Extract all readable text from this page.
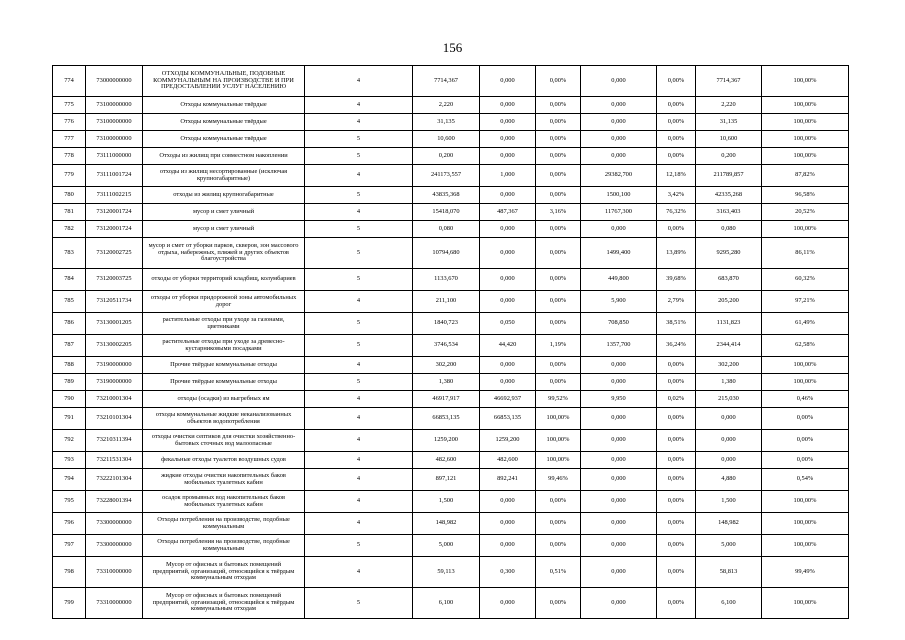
156
774	73000000000	ОТХОДЫ КОММУНАЛЬНЫЕ, ПОДОБНЫЕ КОММУНАЛЬНЫМ НА ПРОИЗВОДСТВЕ И ПРИ ПРЕДОСТАВЛЕНИИ УСЛУГ НАСЕЛЕНИЮ	4	7714,367	0,000	0,00%	0,000	0,00%	7714,367	100,00%
775	73100000000	Отходы коммунальные твёрдые	4	2,220	0,000	0,00%	0,000	0,00%	2,220	100,00%
776	73100000000	Отходы коммунальные твёрдые	4	31,135	0,000	0,00%	0,000	0,00%	31,135	100,00%
777	73100000000	Отходы коммунальные твёрдые	5	10,600	0,000	0,00%	0,000	0,00%	10,600	100,00%
778	73111000000	Отходы из жилищ при совместном накоплении	5	0,200	0,000	0,00%	0,000	0,00%	0,200	100,00%
779	73111001724	отходы из жилищ несортированные (исключая крупногабаритные)	4	241173,557	1,000	0,00%	29382,700	12,18%	211789,857	87,82%
780	73111002215	отходы из жилищ крупногабаритные	5	43835,368	0,000	0,00%	1500,100	3,42%	42335,268	96,58%
781	73120001724	мусор и смет уличный	4	15418,070	487,367	3,16%	11767,300	76,32%	3163,403	20,52%
782	73120001724	мусор и смет уличный	5	0,080	0,000	0,00%	0,000	0,00%	0,080	100,00%
783	73120002725	мусор и смет от уборки парков, скверов, зон массового отдыха, набережных, пляжей и других объектов благоустройства	5	10794,680	0,000	0,00%	1499,400	13,89%	9295,280	86,11%
784	73120003725	отходы от уборки территорий кладбищ, колумбариев	5	1133,670	0,000	0,00%	449,800	39,68%	683,870	60,32%
785	73120511734	отходы от уборки придорожной зоны автомобильных дорог	4	211,100	0,000	0,00%	5,900	2,79%	205,200	97,21%
786	73130001205	растительные отходы при уходе за газонами, цветниками	5	1840,723	0,050	0,00%	708,850	38,51%	1131,823	61,49%
787	73130002205	растительные отходы при уходе за древесно-кустарниковыми посадками	5	3746,534	44,420	1,19%	1357,700	36,24%	2344,414	62,58%
788	73190000000	Прочие твёрдые коммунальные отходы	4	302,200	0,000	0,00%	0,000	0,00%	302,200	100,00%
789	73190000000	Прочие твёрдые коммунальные отходы	5	1,380	0,000	0,00%	0,000	0,00%	1,380	100,00%
790	73210001304	отходы (осадки) из выгребных ям	4	46917,917	46692,937	99,52%	9,950	0,02%	215,030	0,46%
791	73210101304	отходы коммунальные жидкие неканализованных объектов водопотребления	4	66853,135	66853,135	100,00%	0,000	0,00%	0,000	0,00%
792	73210311394	отходы очистки септиков для очистки хозяйственно-бытовых сточных вод малоопасные	4	1259,200	1259,200	100,00%	0,000	0,00%	0,000	0,00%
793	73211531304	фекальные отходы туалетов воздушных судов	4	482,600	482,600	100,00%	0,000	0,00%	0,000	0,00%
794	73222101304	жидкие отходы очистки накопительных баков мобильных туалетных кабин	4	897,121	892,241	99,46%	0,000	0,00%	4,880	0,54%
795	73228001394	осадок промывных вод накопительных баков мобильных туалетных кабин	4	1,500	0,000	0,00%	0,000	0,00%	1,500	100,00%
796	73300000000	Отходы потребления на производстве, подобные коммунальным	4	148,982	0,000	0,00%	0,000	0,00%	148,982	100,00%
797	73300000000	Отходы потребления на производстве, подобные коммунальным	5	5,000	0,000	0,00%	0,000	0,00%	5,000	100,00%
798	73310000000	Мусор от офисных и бытовых помещений предприятий, организаций, относящийся к твёрдым коммунальным отходам	4	59,113	0,300	0,51%	0,000	0,00%	58,813	99,49%
799	73310000000	Мусор от офисных и бытовых помещений предприятий, организаций, относящийся к твёрдым коммунальным отходам	5	6,100	0,000	0,00%	0,000	0,00%	6,100	100,00%
